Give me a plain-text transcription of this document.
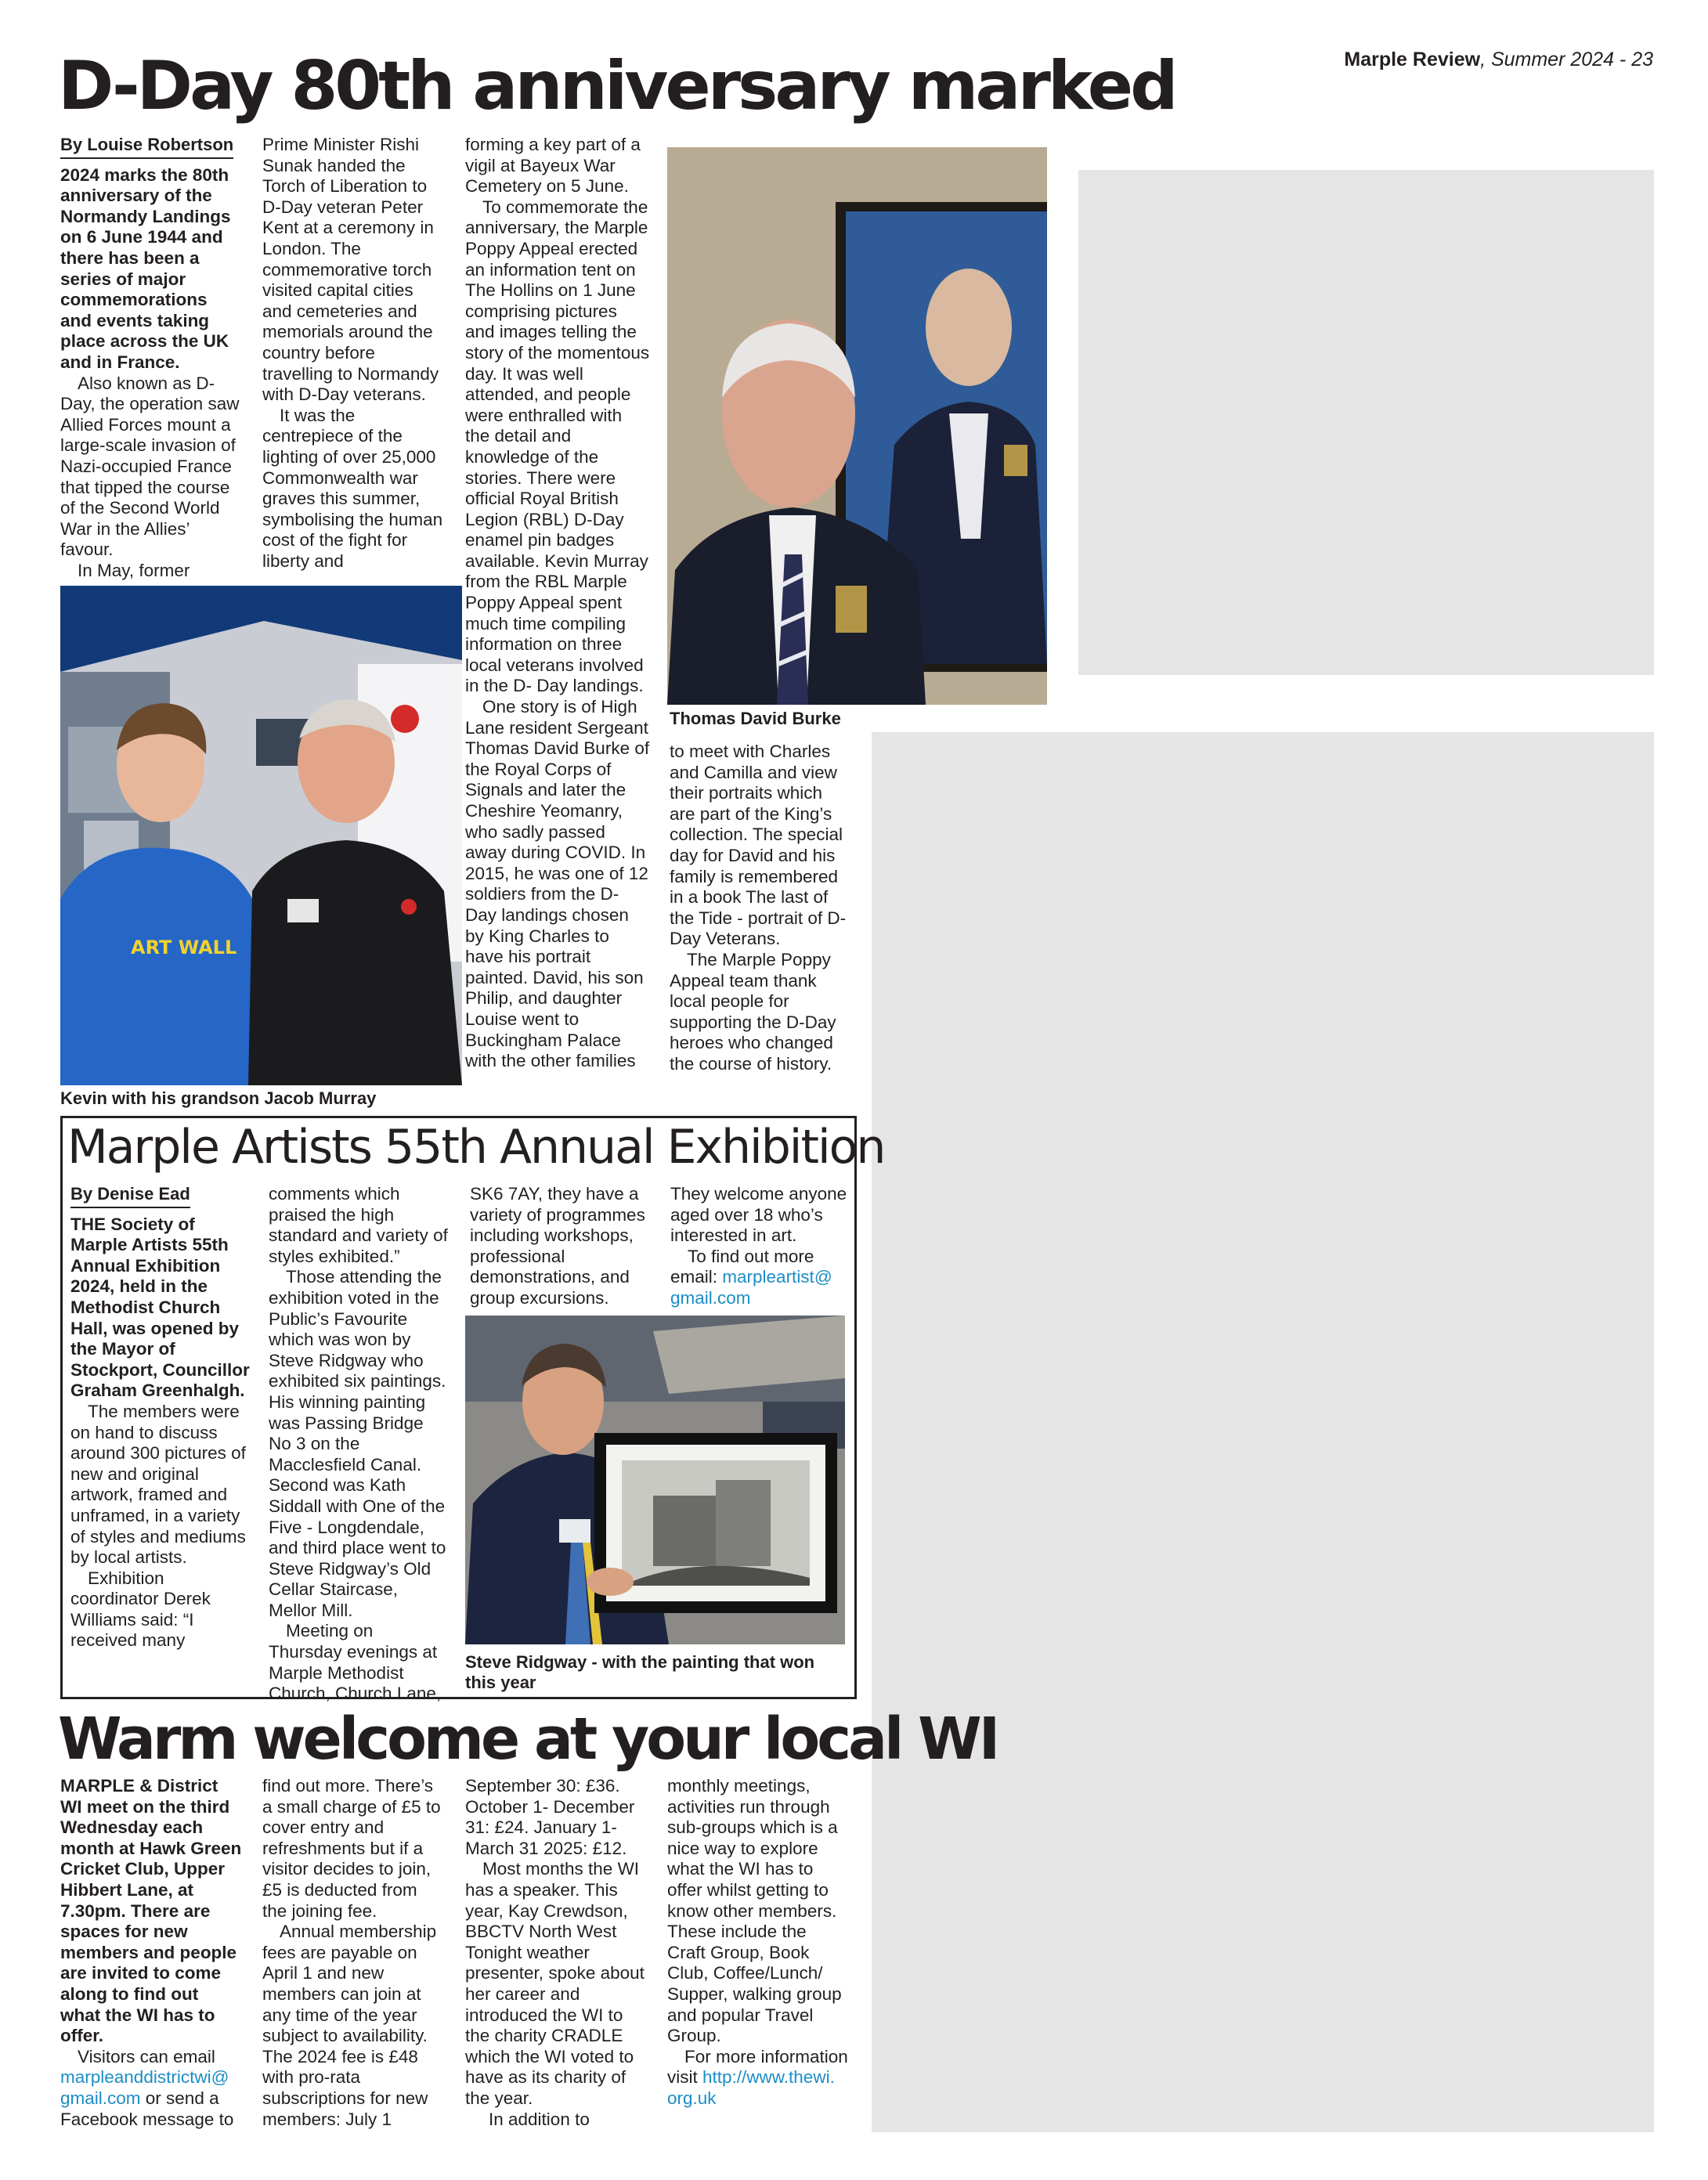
Marple Review, Summer 2024 - 23
D-Day 80th anniversary marked
By Louise Robertson

2024 marks the 80th anniversary of the Normandy Landings on 6 June 1944 and there has been a series of major commemorations and events taking place across the UK and in France.

Also known as D-Day, the operation saw Allied Forces mount a large-scale invasion of Nazi-occupied France that tipped the course of the Second World War in the Allies’ favour.

In May, former

Prime Minister Rishi Sunak handed the Torch of Liberation to D-Day veteran Peter Kent at a ceremony in London. The commemorative torch visited capital cities and cemeteries and memorials around the country before travelling to Normandy with D-Day veterans.

It was the centrepiece of the lighting of over 25,000 Commonwealth war graves this summer, symbolising the human cost of the fight for liberty and

ART WALL
Kevin with his grandson Jacob Murray

forming a key part of a vigil at Bayeux War Cemetery on 5 June.

To commemorate the anniversary, the Marple Poppy Appeal erected an information tent on The Hollins on 1 June comprising pictures and images telling the story of the momentous day. It was well attended, and people were enthralled with the detail and knowledge of the stories. There were official Royal British Legion (RBL) D-Day enamel pin badges available. Kevin Murray from the RBL Marple Poppy Appeal spent much time compiling information on three local veterans involved in the D- Day landings.

One story is of High Lane resident Sergeant Thomas David Burke of the Royal Corps of Signals and later the Cheshire Yeomanry, who sadly passed away during COVID. In 2015, he was one of 12 soldiers from the D-Day landings chosen by King Charles to have his portrait painted. David, his son Philip, and daughter Louise went to Buckingham Palace with the other families

Thomas David Burke

to meet with Charles and Camilla and view their portraits which are part of the King’s collection. The special day for David and his family is remembered in a book The last of the Tide - portrait of D-Day Veterans.

The Marple Poppy Appeal team thank local people for supporting the D-Day heroes who changed the course of history.

Marple Artists 55th Annual Exhibition
By Denise Ead

THE Society of Marple Artists 55th Annual Exhibition 2024, held in the Methodist Church Hall, was opened by the Mayor of Stockport, Councillor Graham Greenhalgh.

The members were on hand to discuss around 300 pictures of new and original artwork, framed and unframed, in a variety of styles and mediums by local artists.

Exhibition coordinator Derek Williams said: “I received many

comments which praised the high standard and variety of styles exhibited.”

Those attending the exhibition voted in the Public’s Favourite which was won by Steve Ridgway who exhibited six paintings. His winning painting was Passing Bridge No 3 on the Macclesfield Canal. Second was Kath Siddall with One of the Five - Longdendale, and third place went to Steve Ridgway’s Old Cellar Staircase, Mellor Mill.

Meeting on Thursday evenings at Marple Methodist Church, Church Lane,

SK6 7AY, they have a variety of programmes including workshops, professional demonstrations, and group excursions.

They welcome anyone aged over 18 who’s interested in art.

To find out more email: marpleartist@ gmail.com

Steve Ridgway - with the painting that won this year
Warm welcome at your local WI

MARPLE & District WI meet on the third Wednesday each month at Hawk Green Cricket Club, Upper Hibbert Lane, at 7.30pm. There are spaces for new members and people are invited to come along to find out what the WI has to offer.

Visitors can email marpleanddistrictwi@ gmail.com or send a Facebook message to

find out more. There’s a small charge of £5 to cover entry and refreshments but if a visitor decides to join, £5 is deducted from the joining fee.

Annual membership fees are payable on April 1 and new members can join at any time of the year subject to availability. The 2024 fee is £48 with pro-rata subscriptions for new members: July 1

September 30: £36. October 1- December 31: £24. January 1-March 31 2025: £12.

Most months the WI has a speaker. This year, Kay Crewdson, BBCTV North West Tonight weather presenter, spoke about her career and introduced the WI to the charity CRADLE which the WI voted to have as its charity of the year.

In addition to

monthly meetings, activities run through sub-groups which is a nice way to explore what the WI has to offer whilst getting to know other members. These include the Craft Group, Book Club, Coffee/Lunch/ Supper, walking group and popular Travel Group.

For more information visit http://www.thewi. org.uk
